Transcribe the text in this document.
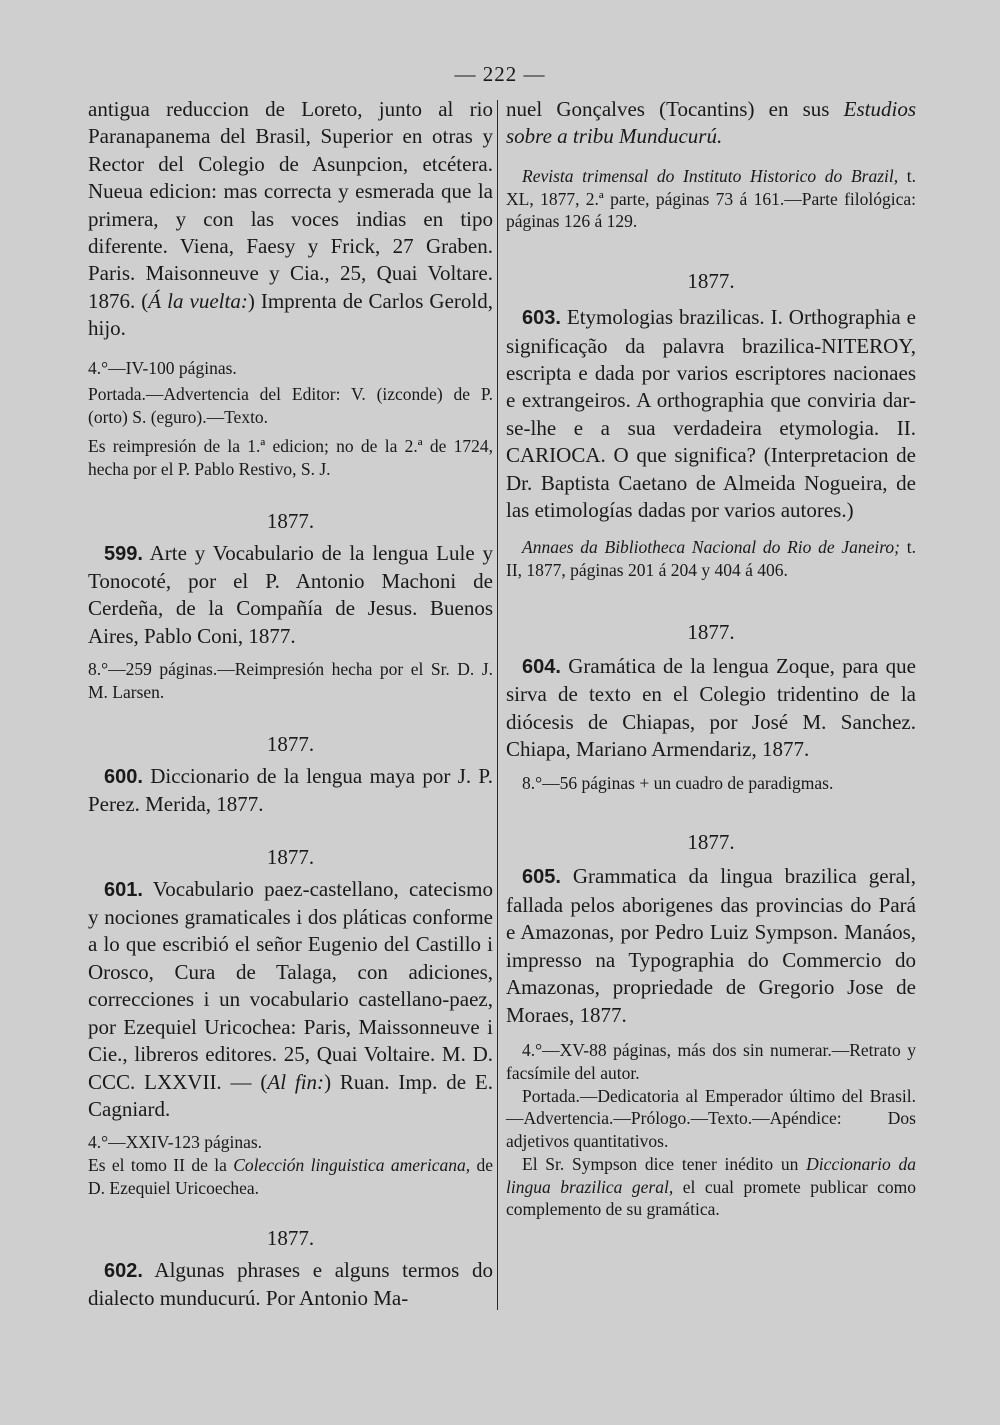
— 222 —

antigua reduccion de Loreto, junto al rio Paranapanema del Brasil, Superior en otras y Rector del Colegio de Asunpcion, etcétera. Nueua edicion: mas correcta y esmerada que la primera, y con las voces indias en tipo diferente. Viena, Faesy y Frick, 27 Graben. Paris. Maisonneuve y Cia., 25, Quai Voltare. 1876. (Á la vuelta:) Imprenta de Carlos Gerold, hijo.

4.°—IV-100 páginas.

Portada.—Advertencia del Editor: V. (izconde) de P. (orto) S. (eguro).—Texto.

Es reimpresión de la 1.ª edicion; no de la 2.ª de 1724, hecha por el P. Pablo Restivo, S. J.

1877.

599. Arte y Vocabulario de la lengua Lule y Tonocoté, por el P. Antonio Machoni de Cerdeña, de la Compañía de Jesus. Buenos Aires, Pablo Coni, 1877.

8.°—259 páginas.—Reimpresión hecha por el Sr. D. J. M. Larsen.

1877.

600. Diccionario de la lengua maya por J. P. Perez. Merida, 1877.

1877.

601. Vocabulario paez-castellano, catecismo y nociones gramaticales i dos pláticas conforme a lo que escribió el señor Eugenio del Castillo i Orosco, Cura de Talaga, con adiciones, correcciones i un vocabulario castellano-paez, por Ezequiel Uricochea: Paris, Maissonneuve i Cie., libreros editores. 25, Quai Voltaire. M. D. CCC. LXXVII. — (Al fin:) Ruan. Imp. de E. Cagniard.

4.°—XXIV-123 páginas.

Es el tomo II de la Colección linguistica americana, de D. Ezequiel Uricoechea.

1877.

602. Algunas phrases e alguns termos do dialecto munducurú. Por Antonio Ma-

nuel Gonçalves (Tocantins) en sus Estudios sobre a tribu Munducurú.

Revista trimensal do Instituto Historico do Brazil, t. XL, 1877, 2.ª parte, páginas 73 á 161.—Parte filológica: páginas 126 á 129.

1877.

603. Etymologias brazilicas. I. Orthographia e significação da palavra brazilica-NITEROY, escripta e dada por varios escriptores nacionaes e extrangeiros. A orthographia que conviria dar-se-lhe e a sua verdadeira etymologia. II. CARIOCA. O que significa? (Interpretacion de Dr. Baptista Caetano de Almeida Nogueira, de las etimologías dadas por varios autores.)

Annaes da Bibliotheca Nacional do Rio de Janeiro; t. II, 1877, páginas 201 á 204 y 404 á 406.

1877.

604. Gramática de la lengua Zoque, para que sirva de texto en el Colegio tridentino de la diócesis de Chiapas, por José M. Sanchez. Chiapa, Mariano Armendariz, 1877.

8.°—56 páginas + un cuadro de paradigmas.

1877.

605. Grammatica da lingua brazilica geral, fallada pelos aborigenes das provincias do Pará e Amazonas, por Pedro Luiz Sympson. Manáos, impresso na Typographia do Commercio do Amazonas, propriedade de Gregorio Jose de Moraes, 1877.

4.°—XV-88 páginas, más dos sin numerar.—Retrato y facsímile del autor.

Portada.—Dedicatoria al Emperador último del Brasil.—Advertencia.—Prólogo.—Texto.—Apéndice: Dos adjetivos quantitativos.

El Sr. Sympson dice tener inédito un Diccionario da lingua brazilica geral, el cual promete publicar como complemento de su gramática.
